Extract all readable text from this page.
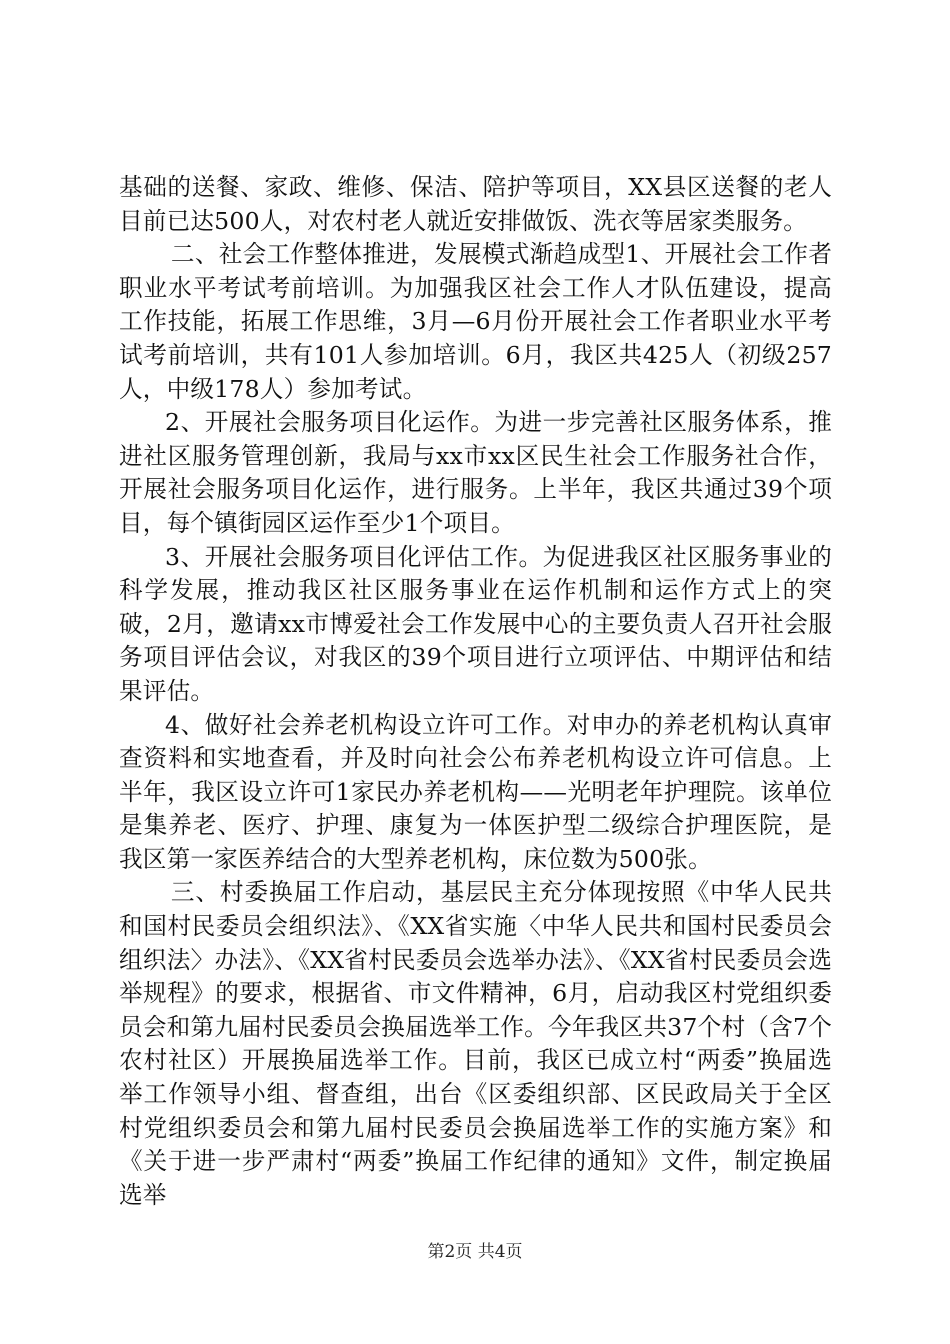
基础的送餐、家政、维修、保洁、陪护等项目，XX县区送餐的老人目前已达500人，对农村老人就近安排做饭、洗衣等居家类服务。

二、社会工作整体推进，发展模式渐趋成型1、开展社会工作者职业水平考试考前培训。为加强我区社会工作人才队伍建设，提高工作技能，拓展工作思维，3月—6月份开展社会工作者职业水平考试考前培训，共有101人参加培训。6月，我区共425人（初级257人，中级178人）参加考试。

2、开展社会服务项目化运作。为进一步完善社区服务体系，推进社区服务管理创新，我局与xx市xx区民生社会工作服务社合作，开展社会服务项目化运作，进行服务。上半年，我区共通过39个项目，每个镇街园区运作至少1个项目。

3、开展社会服务项目化评估工作。为促进我区社区服务事业的科学发展，推动我区社区服务事业在运作机制和运作方式上的突破，2月，邀请xx市博爱社会工作发展中心的主要负责人召开社会服务项目评估会议，对我区的39个项目进行立项评估、中期评估和结果评估。

4、做好社会养老机构设立许可工作。对申办的养老机构认真审查资料和实地查看，并及时向社会公布养老机构设立许可信息。上半年，我区设立许可1家民办养老机构——光明老年护理院。该单位是集养老、医疗、护理、康复为一体医护型二级综合护理医院，是我区第一家医养结合的大型养老机构，床位数为500张。

三、村委换届工作启动，基层民主充分体现按照《中华人民共和国村民委员会组织法》、《XX省实施〈中华人民共和国村民委员会组织法〉办法》、《XX省村民委员会选举办法》、《XX省村民委员会选举规程》的要求，根据省、市文件精神，6月，启动我区村党组织委员会和第九届村民委员会换届选举工作。今年我区共37个村（含7个农村社区）开展换届选举工作。目前，我区已成立村“两委”换届选举工作领导小组、督查组，出台《区委组织部、区民政局关于全区村党组织委员会和第九届村民委员会换届选举工作的实施方案》和《关于进一步严肃村“两委”换届工作纪律的通知》文件，制定换届选举

第2页 共4页
